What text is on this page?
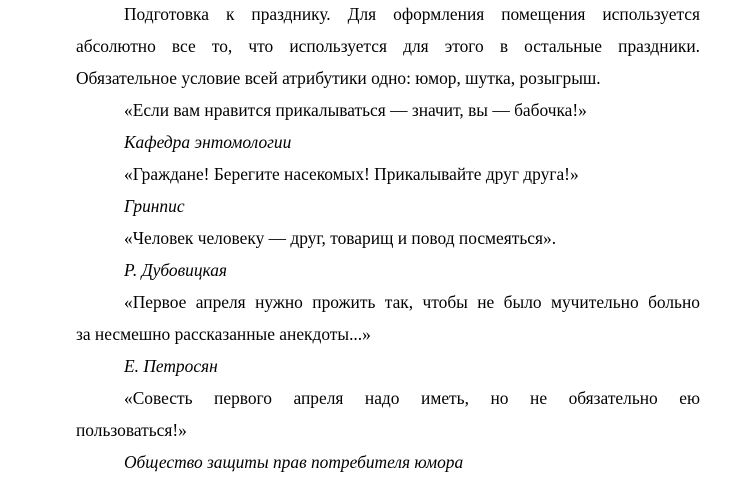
Подготовка к празднику. Для оформления помещения используется
абсолютно все то, что используется для этого в остальные праздники.
Обязательное условие всей атрибутики одно: юмор, шутка, розыгрыш.
«Если вам нравится прикалываться — значит, вы — бабочка!»
Кафедра энтомологии
«Граждане! Берегите насекомых! Прикалывайте друг друга!»
Гринпис
«Человек человеку — друг, товарищ и повод посмеяться».
Р. Дубовицкая
«Первое апреля нужно прожить так, чтобы не было мучительно больно
за несмешно рассказанные анекдоты...»
Е. Петросян
«Совесть первого апреля надо иметь, но не обязательно ею
пользоваться!»
Общество защиты прав потребителя юмора
